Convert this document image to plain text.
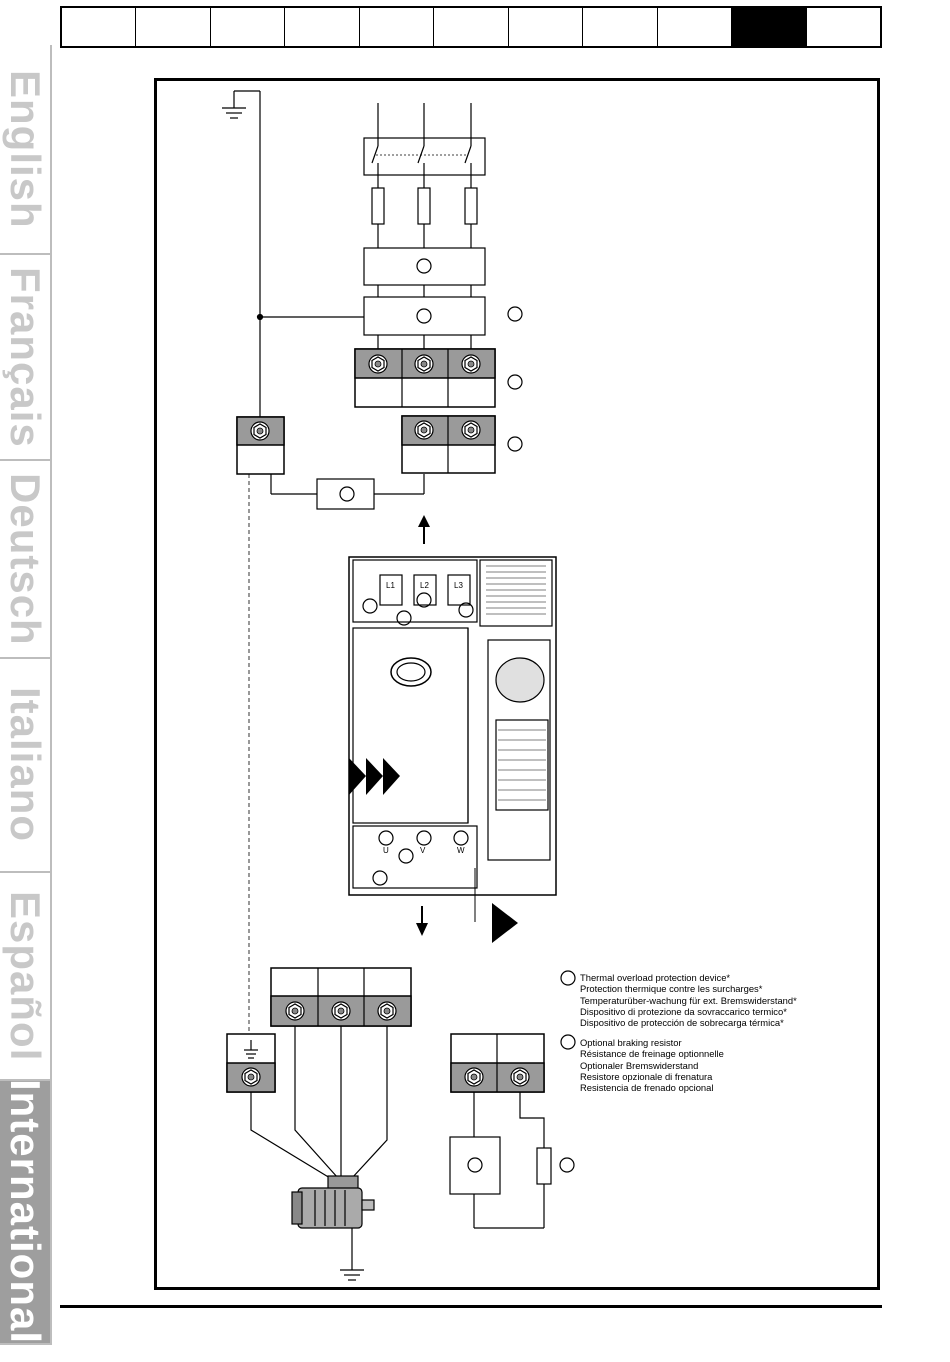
English
Français
Deutsch
Italiano
Español
International
L1	L2	L3
U	V	W
Thermal overload protection device*
Protection thermique contre les surcharges*
Temperaturüber-wachung für ext. Bremswiderstand*
Dispositivo di protezione da sovraccarico termico*
Dispositivo de protección de sobrecarga térmica*
Optional braking resistor
Résistance de freinage optionnelle
Optionaler Bremswiderstand
Resistore opzionale di frenatura
Resistencia de frenado opcional
